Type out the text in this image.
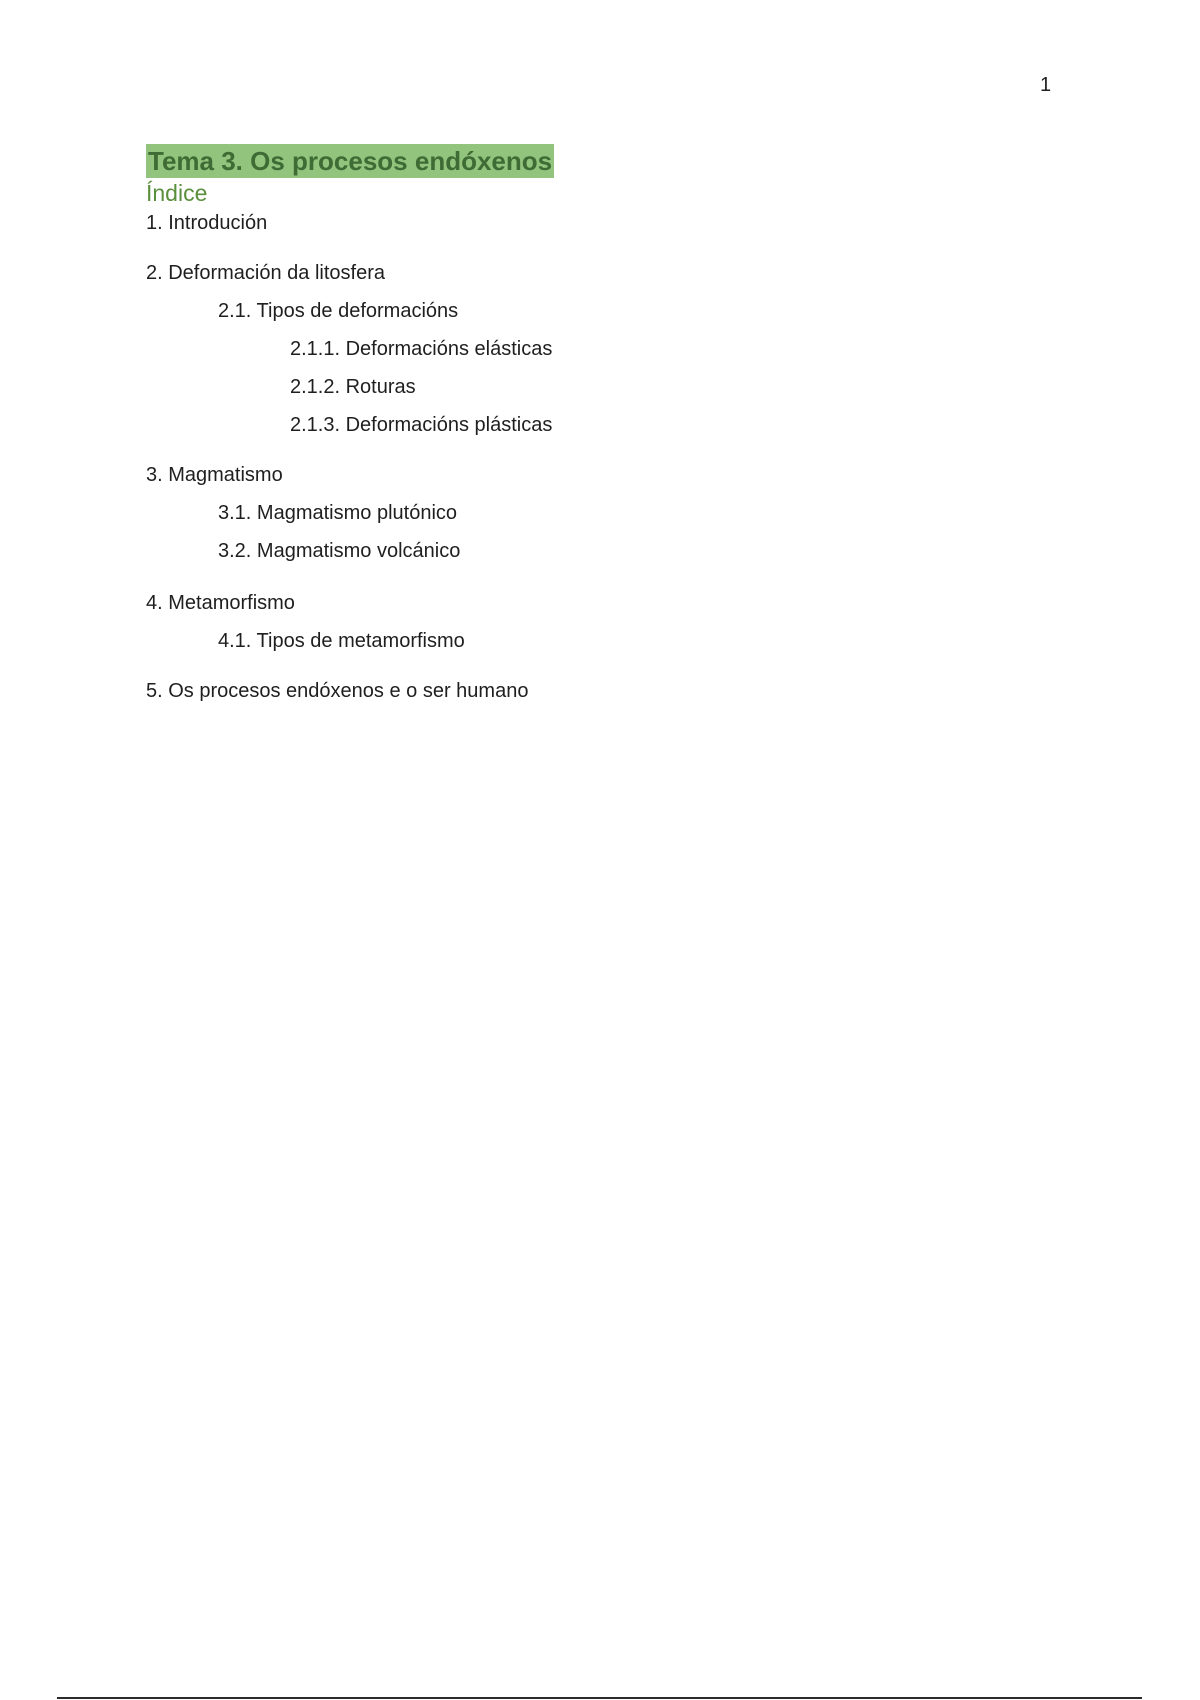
1
Tema 3. Os procesos endóxenos
Índice
1. Introdución
2. Deformación da litosfera
2.1. Tipos de deformacións
2.1.1. Deformacións elásticas
2.1.2. Roturas
2.1.3. Deformacións plásticas
3. Magmatismo
3.1. Magmatismo plutónico
3.2. Magmatismo volcánico
4. Metamorfismo
4.1. Tipos de metamorfismo
5. Os procesos endóxenos e o ser humano
